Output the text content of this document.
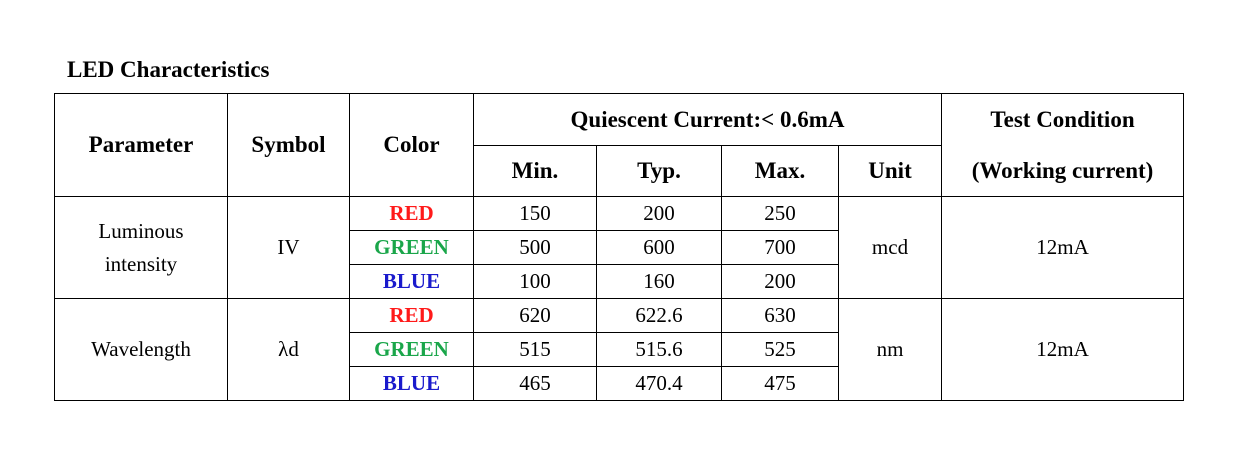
LED Characteristics
Parameter	Symbol	Color	Quiescent Current:< 0.6mA				Test Condition
			Min.	Typ.	Max.	Unit	(Working current)

Luminous
intensity	IV	RED	150	200	250	mcd	12mA
		GREEN	500	600	700		
		BLUE	100	160	200		

Wavelength	λd	RED	620	622.6	630	nm	12mA
		GREEN	515	515.6	525		
		BLUE	465	470.4	475		
